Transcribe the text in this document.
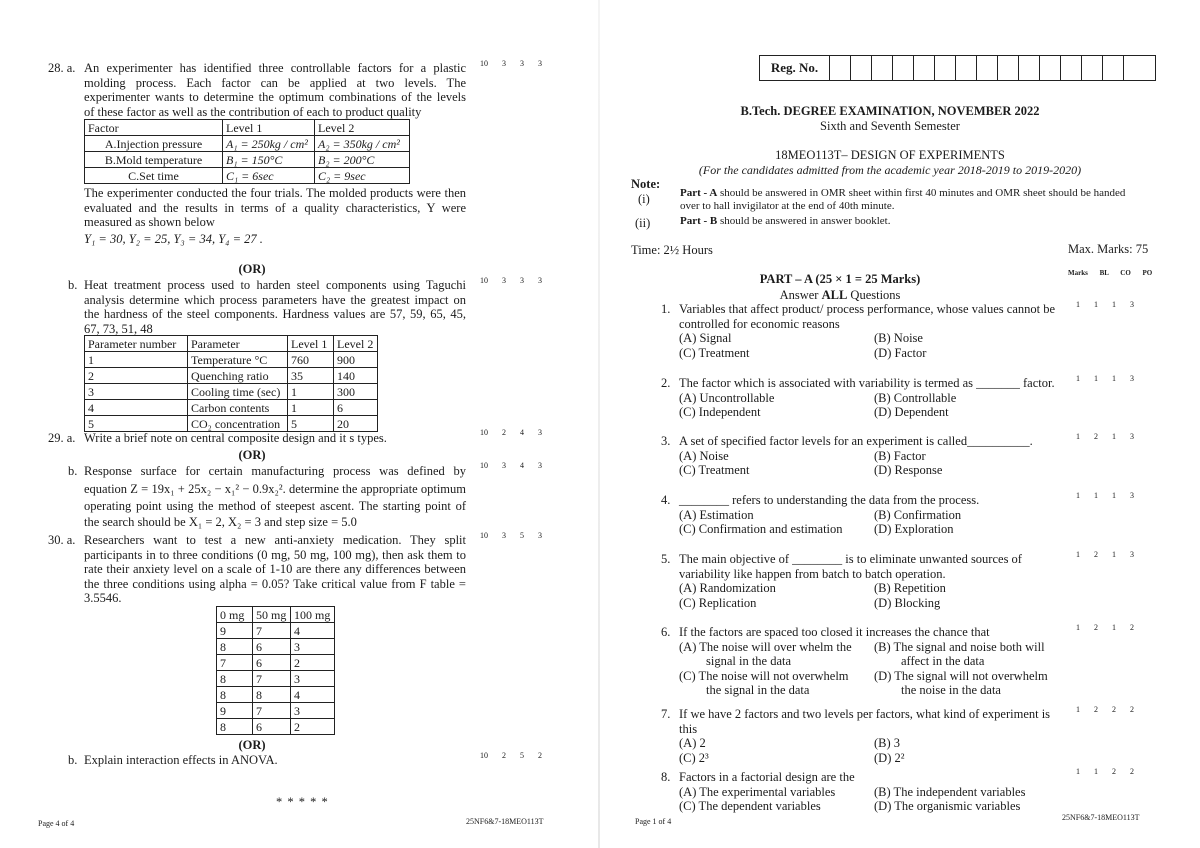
28. a. An experimenter has identified three controllable factors for a plastic
molding process. Each factor can be applied at two levels. The
experimenter wants to determine the optimum combinations of the levels
of these factor as well as the contribution of each to product quality
10 3 3 3
Factor	Level 1	Level 2
A.Injection pressure	A₁ = 250kg / cm²	A₂ = 350kg / cm²
B.Mold temperature	B₁ = 150°C	B₂ = 200°C
C.Set time	C₁ = 6sec	C₂ = 9sec
The experimenter conducted the four trials. The molded products were then
evaluated and the results in terms of a quality characteristics, Y were
measured as shown below
Y₁ = 30, Y₂ = 25, Y₃ = 34, Y₄ = 27 .
(OR)
b. Heat treatment process used to harden steel components using Taguchi
analysis determine which process parameters have the greatest impact on
the hardness of the steel components. Hardness values are 57, 59, 65, 45,
67, 73, 51, 48
10 3 3 3
Parameter number	Parameter	Level 1	Level 2
1	Temperature °C	760	900
2	Quenching ratio	35	140
3	Cooling time (sec)	1	300
4	Carbon contents	1	6
5	CO₂ concentration	5	20
29. a. Write a brief note on central composite design and it s types.	10 2 4 3
(OR)
b. Response surface for certain manufacturing process was defined by
equation Z = 19x₁ + 25x₂ − x₁² − 0.9x₂². determine the appropriate optimum
operating point using the method of steepest ascent. The starting point of
the search should be X₁ = 2, X₂ = 3 and step size = 5.0
10 3 4 3
30. a. Researchers want to test a new anti-anxiety medication. They split
participants in to three conditions (0 mg, 50 mg, 100 mg), then ask them to
rate their anxiety level on a scale of 1-10 are there any differences between
the three conditions using alpha = 0.05? Take critical value from F table =
3.5546.
10 3 5 3
0 mg	50 mg	100 mg
9	7	4
8	6	3
7	6	2
8	7	3
8	8	4
9	7	3
8	6	2
(OR)
b. Explain interaction effects in ANOVA.	10 2 5 2
* * * * *
Page 4 of 4	25NF6&7-18MEO113T
Reg. No.
B.Tech. DEGREE EXAMINATION, NOVEMBER 2022
Sixth and Seventh Semester
18MEO113T– DESIGN OF EXPERIMENTS
(For the candidates admitted from the academic year 2018-2019 to 2019-2020)
Note:
(i)	Part - A should be answered in OMR sheet within first 40 minutes and OMR sheet should be handed
over to hall invigilator at the end of 40th minute.
(ii)	Part - B should be answered in answer booklet.
Time: 2½ Hours	Max. Marks: 75
PART – A (25 × 1 = 25 Marks)
Answer ALL Questions
Marks BL CO PO
1. Variables that affect product/ process performance, whose values cannot be
controlled for economic reasons
(A) Signal	(B) Noise
(C) Treatment	(D) Factor
1 1 1 3
2. The factor which is associated with variability is termed as _______ factor.
(A) Uncontrollable	(B) Controllable
(C) Independent	(D) Dependent
1 1 1 3
3. A set of specified factor levels for an experiment is called__________.
(A) Noise	(B) Factor
(C) Treatment	(D) Response
1 2 1 3
4. ________ refers to understanding the data from the process.
(A) Estimation	(B) Confirmation
(C) Confirmation and estimation	(D) Exploration
1 1 1 3
5. The main objective of ________ is to eliminate unwanted sources of
variability like happen from batch to batch operation.
(A) Randomization	(B) Repetition
(C) Replication	(D) Blocking
1 2 1 3
6. If the factors are spaced too closed it increases the chance that
(A) The noise will over whelm the (B) The signal and noise both will
signal in the data	affect in the data
(C) The noise will not overwhelm (D) The signal will not overwhelm
the signal in the data	the noise in the data
1 2 1 2
7. If we have 2 factors and two levels per factors, what kind of experiment is
this
(A) 2	(B) 3
(C) 2³	(D) 2²
1 2 2 2
8. Factors in a factorial design are the
(A) The experimental variables	(B) The independent variables
(C) The dependent variables	(D) The organismic variables
1 1 2 2
Page 1 of 4	25NF6&7-18MEO113T
